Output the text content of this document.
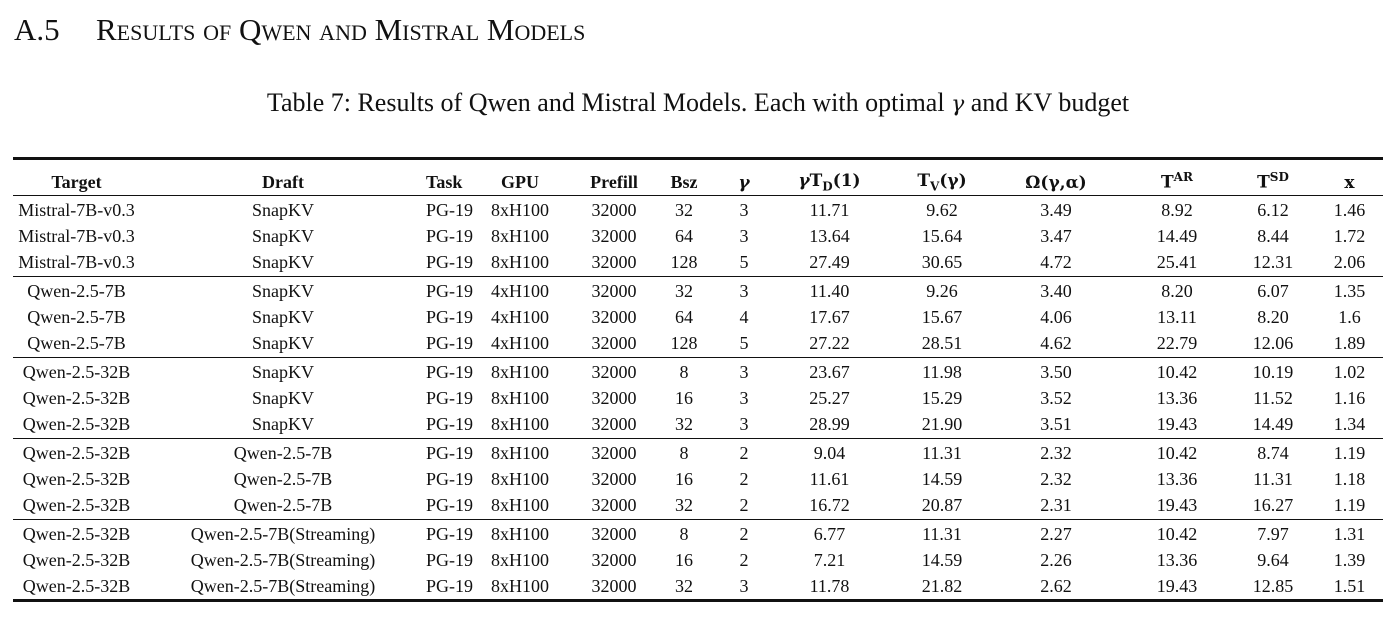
A.5 Results of Qwen and Mistral Models
Table 7: Results of Qwen and Mistral Models. Each with optimal γ and KV budget
Target	Draft	Task	GPU	Prefill	Bsz	γ	$\gamma T_D(1)$	$T_V(\gamma)$	Ω(γ,α)	$T^{AR}$	$T^{SD}$	x
Mistral-7B-v0.3	SnapKV	PG-19	8xH100	32000	32	3	11.71	9.62	3.49	8.92	6.12	1.46
Mistral-7B-v0.3	SnapKV	PG-19	8xH100	32000	64	3	13.64	15.64	3.47	14.49	8.44	1.72
Mistral-7B-v0.3	SnapKV	PG-19	8xH100	32000	128	5	27.49	30.65	4.72	25.41	12.31	2.06
Qwen-2.5-7B	SnapKV	PG-19	4xH100	32000	32	3	11.40	9.26	3.40	8.20	6.07	1.35
Qwen-2.5-7B	SnapKV	PG-19	4xH100	32000	64	4	17.67	15.67	4.06	13.11	8.20	1.6
Qwen-2.5-7B	SnapKV	PG-19	4xH100	32000	128	5	27.22	28.51	4.62	22.79	12.06	1.89
Qwen-2.5-32B	SnapKV	PG-19	8xH100	32000	8	3	23.67	11.98	3.50	10.42	10.19	1.02
Qwen-2.5-32B	SnapKV	PG-19	8xH100	32000	16	3	25.27	15.29	3.52	13.36	11.52	1.16
Qwen-2.5-32B	SnapKV	PG-19	8xH100	32000	32	3	28.99	21.90	3.51	19.43	14.49	1.34
Qwen-2.5-32B	Qwen-2.5-7B	PG-19	8xH100	32000	8	2	9.04	11.31	2.32	10.42	8.74	1.19
Qwen-2.5-32B	Qwen-2.5-7B	PG-19	8xH100	32000	16	2	11.61	14.59	2.32	13.36	11.31	1.18
Qwen-2.5-32B	Qwen-2.5-7B	PG-19	8xH100	32000	32	2	16.72	20.87	2.31	19.43	16.27	1.19
Qwen-2.5-32B	Qwen-2.5-7B(Streaming)	PG-19	8xH100	32000	8	2	6.77	11.31	2.27	10.42	7.97	1.31
Qwen-2.5-32B	Qwen-2.5-7B(Streaming)	PG-19	8xH100	32000	16	2	7.21	14.59	2.26	13.36	9.64	1.39
Qwen-2.5-32B	Qwen-2.5-7B(Streaming)	PG-19	8xH100	32000	32	3	11.78	21.82	2.62	19.43	12.85	1.51
